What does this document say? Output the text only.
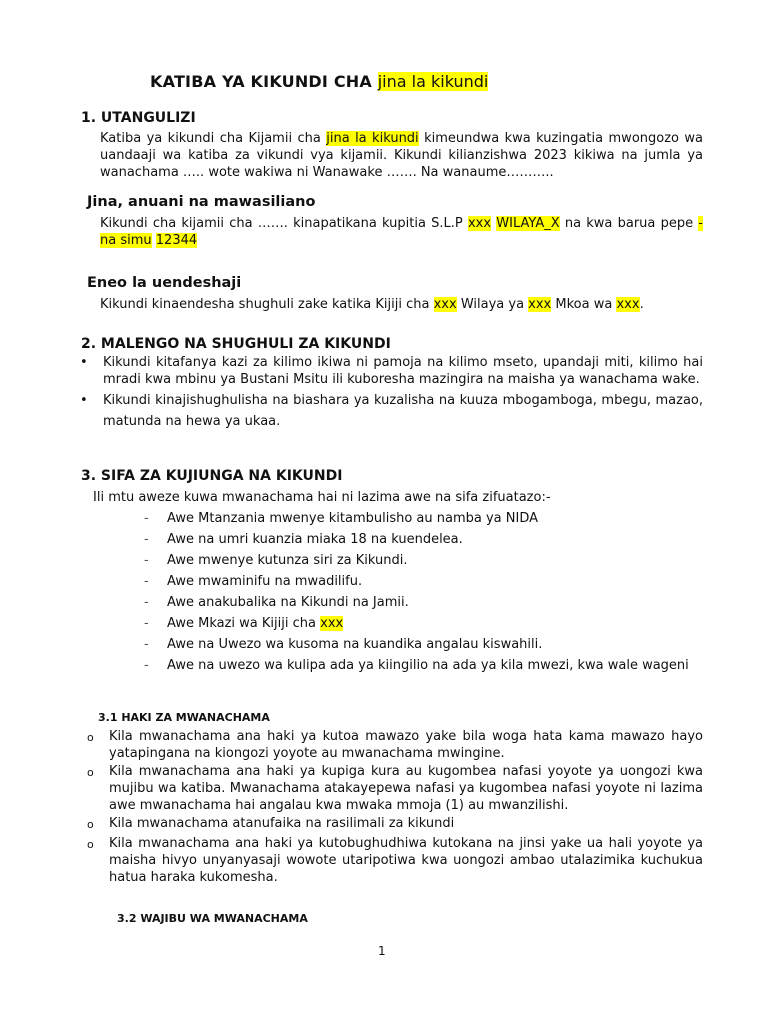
KATIBA YA KIKUNDI CHA jina la kikundi
1. UTANGULIZI
Katiba ya kikundi cha Kijamii cha jina la kikundi kimeundwa kwa kuzingatia mwongozo wa uandaaji wa katiba za vikundi vya kijamii. Kikundi kilianzishwa 2023 kikiwa na jumla ya wanachama ….. wote wakiwa ni Wanawake ……. Na wanaume………..
Jina, anuani na mawasiliano
Kikundi cha kijamii cha ……. kinapatikana kupitia S.L.P xxx WILAYA_X na kwa barua pepe - na simu 12344
Eneo la uendeshaji
Kikundi kinaendesha shughuli zake katika Kijiji cha xxx Wilaya ya xxx Mkoa wa xxx.
2. MALENGO NA SHUGHULI ZA KIKUNDI
• Kikundi kitafanya kazi za kilimo ikiwa ni pamoja na kilimo mseto, upandaji miti, kilimo hai mradi kwa mbinu ya Bustani Msitu ili kuboresha mazingira na maisha ya wanachama wake.
• Kikundi kinajishughulisha na biashara ya kuzalisha na kuuza mbogamboga, mbegu, mazao, matunda na hewa ya ukaa.
3. SIFA ZA KUJIUNGA NA KIKUNDI
Ili mtu aweze kuwa mwanachama hai ni lazima awe na sifa zifuatazo:-
- Awe Mtanzania mwenye kitambulisho au namba ya NIDA
- Awe na umri kuanzia miaka 18 na kuendelea.
- Awe mwenye kutunza siri za Kikundi.
- Awe mwaminifu na mwadilifu.
- Awe anakubalika na Kikundi na Jamii.
- Awe Mkazi wa Kijiji cha xxx
- Awe na Uwezo wa kusoma na kuandika angalau kiswahili.
- Awe na uwezo wa kulipa ada ya kiingilio na ada ya kila mwezi, kwa wale wageni
3.1 HAKI ZA MWANACHAMA
o Kila mwanachama ana haki ya kutoa mawazo yake bila woga hata kama mawazo hayo yatapingana na kiongozi yoyote au mwanachama mwingine.
o Kila mwanachama ana haki ya kupiga kura au kugombea nafasi yoyote ya uongozi kwa mujibu wa katiba. Mwanachama atakayepewa nafasi ya kugombea nafasi yoyote ni lazima awe mwanachama hai angalau kwa mwaka mmoja (1) au mwanzilishi.
o Kila mwanachama atanufaika na rasilimali za kikundi
o Kila mwanachama ana haki ya kutobughudhiwa kutokana na jinsi yake ua hali yoyote ya maisha hivyo unyanyasaji wowote utaripotiwa kwa uongozi ambao utalazimika kuchukua hatua haraka kukomesha.
3.2 WAJIBU WA MWANACHAMA
1
